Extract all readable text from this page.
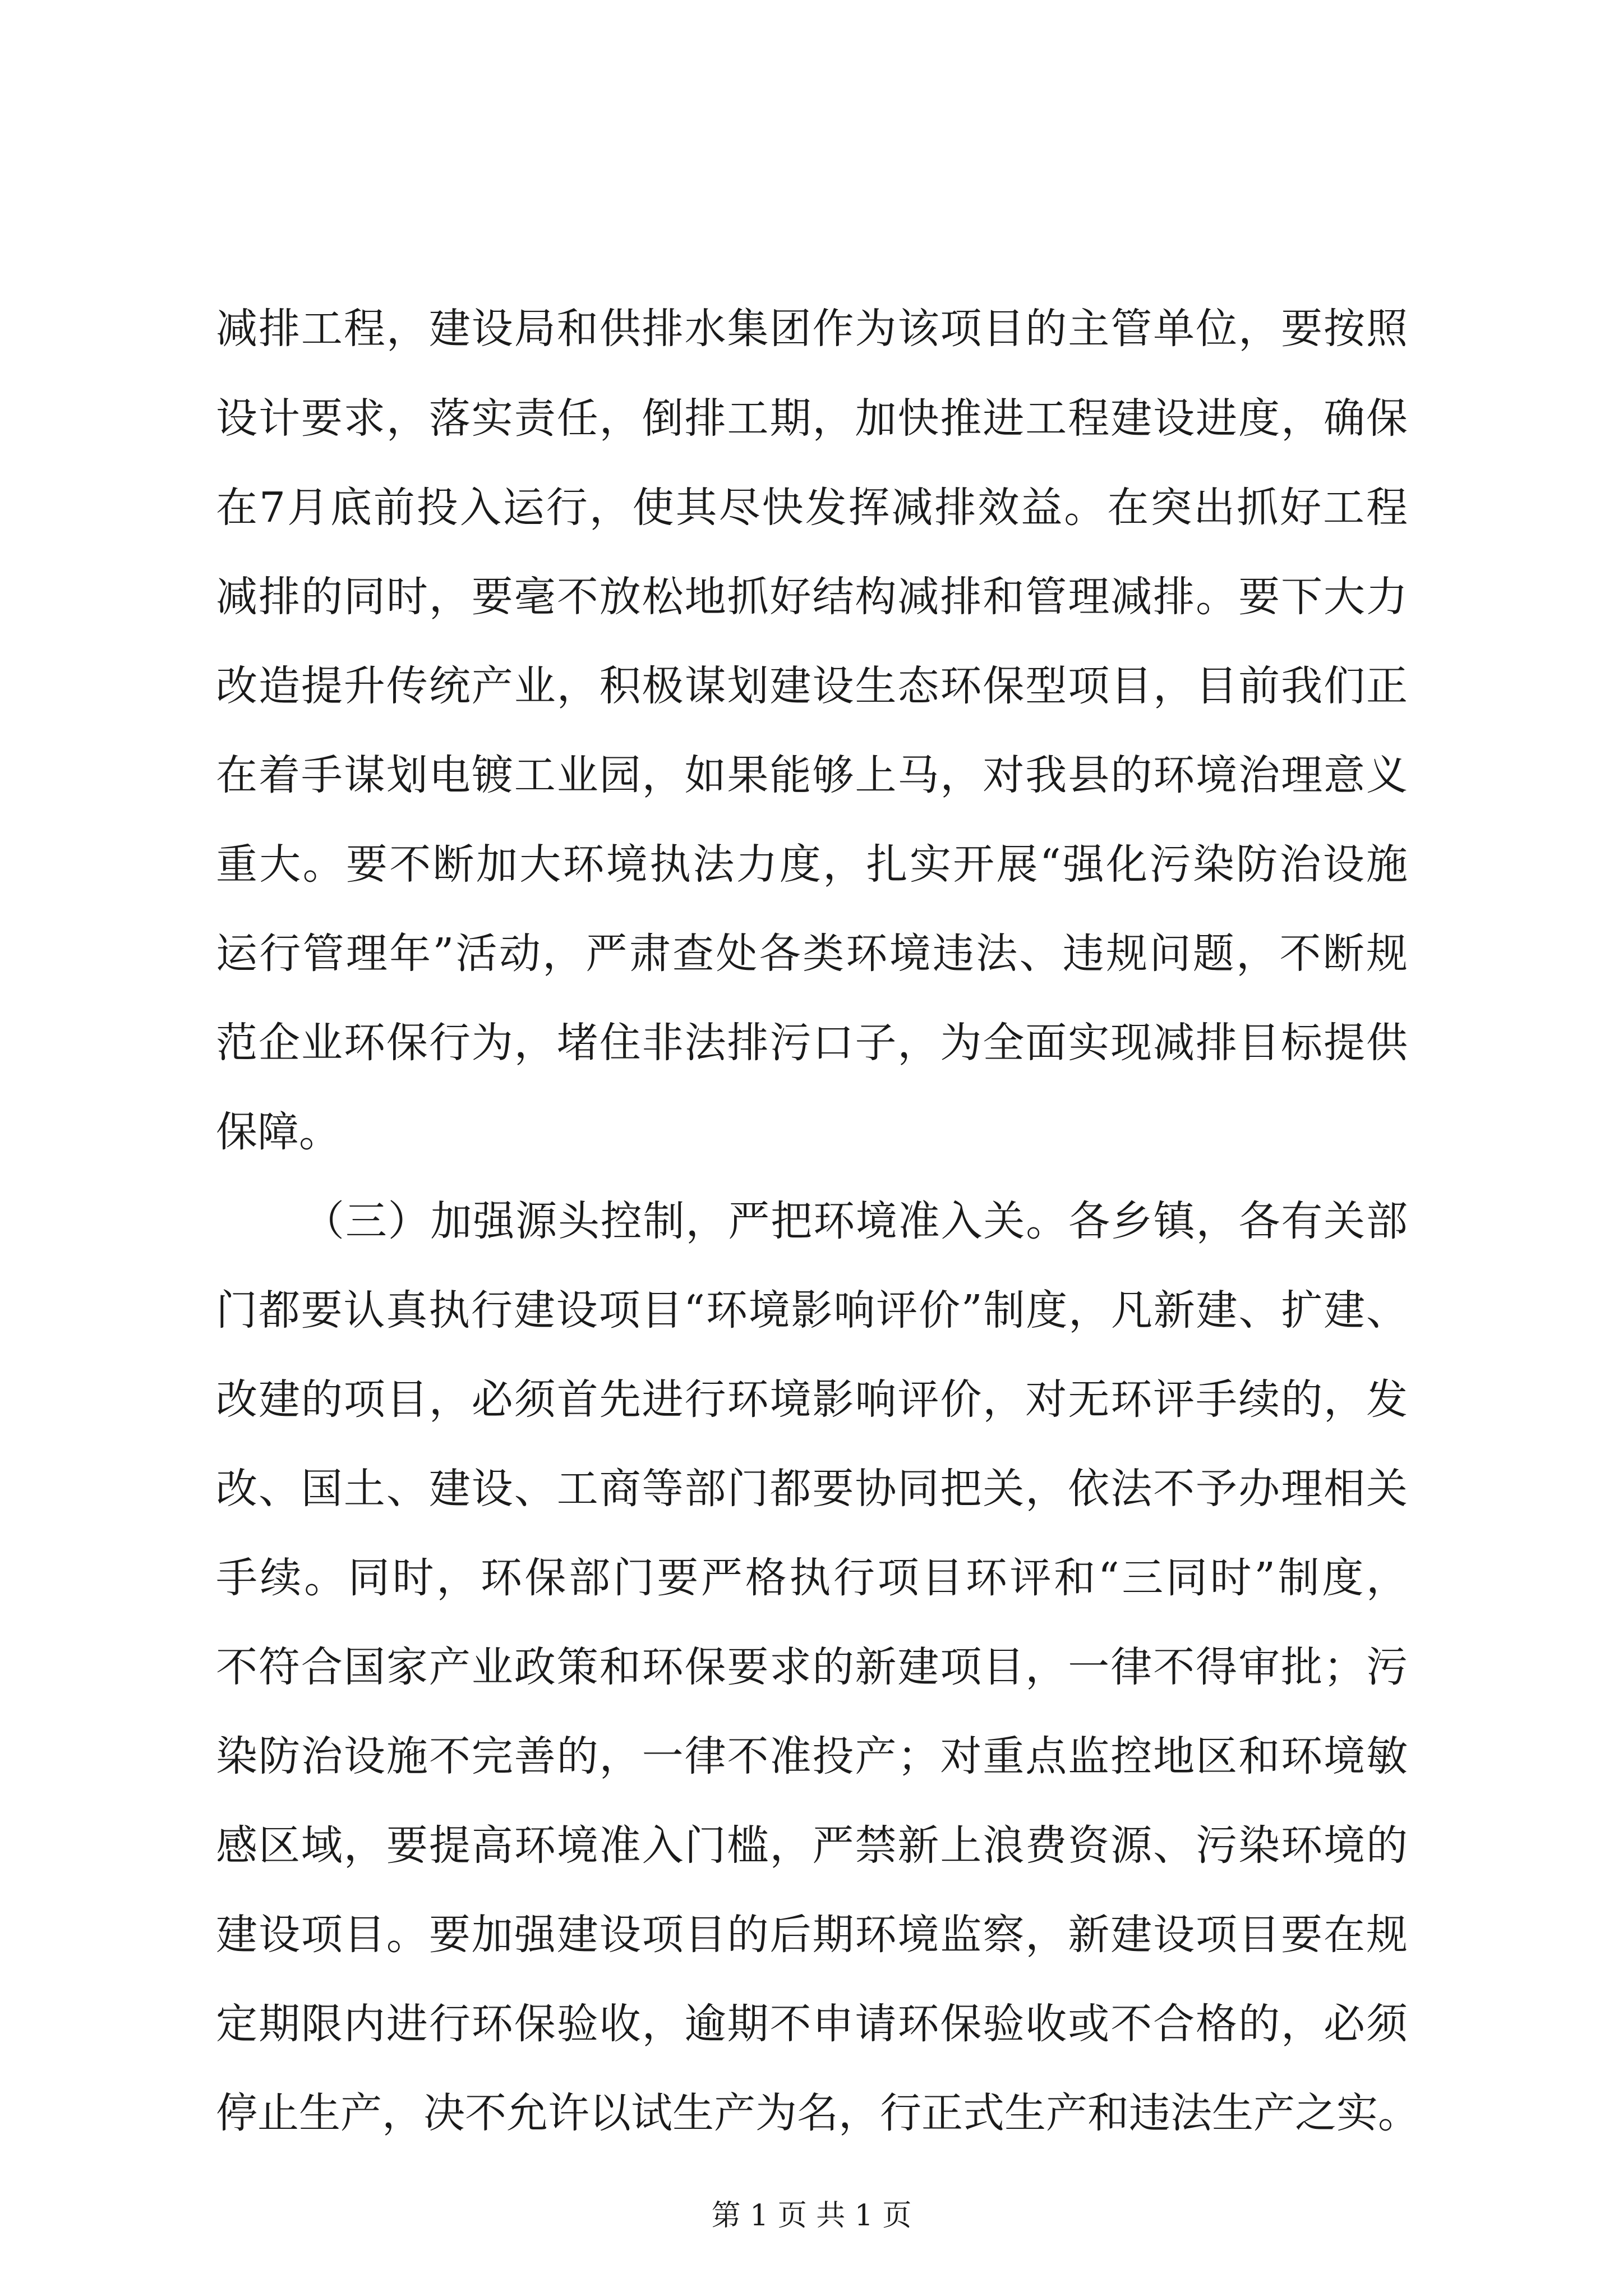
减排工程，建设局和供排水集团作为该项目的主管单位，要按照
设计要求，落实责任，倒排工期，加快推进工程建设进度，确保
在7月底前投入运行，使其尽快发挥减排效益。在突出抓好工程
减排的同时，要毫不放松地抓好结构减排和管理减排。要下大力
改造提升传统产业，积极谋划建设生态环保型项目，目前我们正
在着手谋划电镀工业园，如果能够上马，对我县的环境治理意义
重大。要不断加大环境执法力度，扎实开展“强化污染防治设施
运行管理年”活动，严肃查处各类环境违法、违规问题，不断规
范企业环保行为，堵住非法排污口子，为全面实现减排目标提供
保障。
（三）加强源头控制，严把环境准入关。各乡镇，各有关部
门都要认真执行建设项目“环境影响评价”制度，凡新建、扩建、
改建的项目，必须首先进行环境影响评价，对无环评手续的，发
改、国土、建设、工商等部门都要协同把关，依法不予办理相关
手续。同时，环保部门要严格执行项目环评和“三同时”制度，
不符合国家产业政策和环保要求的新建项目，一律不得审批；污
染防治设施不完善的，一律不准投产；对重点监控地区和环境敏
感区域，要提高环境准入门槛，严禁新上浪费资源、污染环境的
建设项目。要加强建设项目的后期环境监察，新建设项目要在规
定期限内进行环保验收，逾期不申请环保验收或不合格的，必须
停止生产，决不允许以试生产为名，行正式生产和违法生产之实。
第 1 页 共 1 页
